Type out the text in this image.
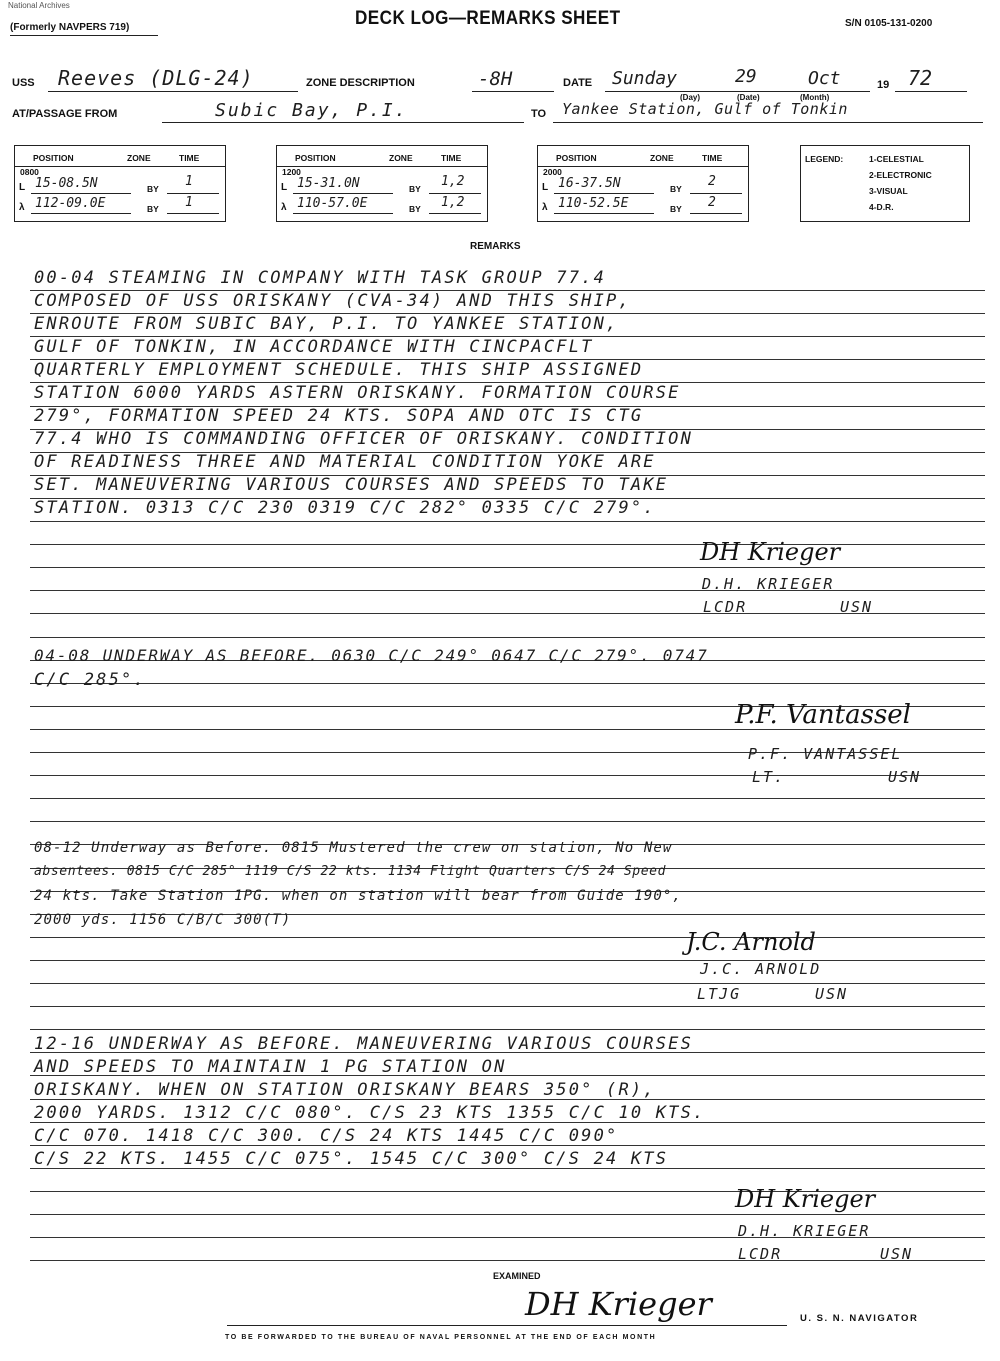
National Archives
(Formerly NAVPERS 719)	DECK LOG—REMARKS SHEET	S/N 0105-131-0200
USS Reeves (DLG-24)	ZONE DESCRIPTION	-8H	DATE Sunday	29	Oct	19 72
(Day)	(Date)	(Month)
AT/PASSAGE FROM	Subic Bay, P.I.	TO Yankee Station, Gulf of Tonkin
POSITION	ZONE	TIME
0800
L 15-08.5N	BY 1
λ 112-09.0E	BY 1
POSITION	ZONE	TIME
1200
L 15-31.0N	BY 1,2
λ 110-57.0E	BY 1,2
POSITION	ZONE	TIME
2000
L 16-37.5N	BY 2
λ 110-52.5E	BY 2
LEGEND:	1-CELESTIAL
2-ELECTRONIC
3-VISUAL
4-D.R.
REMARKS
00-04 STEAMING IN COMPANY WITH TASK GROUP 77.4
COMPOSED OF USS ORISKANY (CVA-34) AND THIS SHIP,
ENROUTE FROM SUBIC BAY, P.I. TO YANKEE STATION,
GULF OF TONKIN, IN ACCORDANCE WITH CINCPACFLT
QUARTERLY EMPLOYMENT SCHEDULE. THIS SHIP ASSIGNED
STATION 6000 YARDS ASTERN ORISKANY. FORMATION COURSE
279°, FORMATION SPEED 24 KTS. SOPA AND OTC IS CTG
77.4 WHO IS COMMANDING OFFICER OF ORISKANY. CONDITION
OF READINESS THREE AND MATERIAL CONDITION YOKE ARE
SET. MANEUVERING VARIOUS COURSES AND SPEEDS TO TAKE
STATION. 0313 C/C 230 0319 C/C 282° 0335 C/C 279°.
DH Krieger
D.H. KRIEGER
LCDR	USN
04-08 UNDERWAY AS BEFORE. 0630 C/C 249° 0647 C/C 279°. 0747
C/C 285°.
P.F. Vantassel
P.F. VANTASSEL
LT.	USN
08-12 Underway as Before. 0815 Mustered the crew on station, No New
absentees. 0815 C/C 285° 1119 C/S 22 kts. 1134 Flight Quarters C/S 24 Speed
24 kts. Take Station 1PG. when on station will bear from Guide 190°,
2000 yds. 1156 C/B/C 300(T)
J.C. Arnold
J.C. ARNOLD
LTJG	USN
12-16 UNDERWAY AS BEFORE. MANEUVERING VARIOUS COURSES
AND SPEEDS TO MAINTAIN 1 PG STATION ON
ORISKANY. WHEN ON STATION ORISKANY BEARS 350° (R),
2000 YARDS. 1312 C/C 080°. C/S 23 KTS 1355 C/C 10 KTS.
C/C 070. 1418 C/C 300. C/S 24 KTS 1445 C/C 090°
C/S 22 KTS. 1455 C/C 075°. 1545 C/C 300° C/S 24 KTS
DH Krieger
D.H. KRIEGER
LCDR	USN
EXAMINED
DH Krieger	U. S. N. NAVIGATOR
TO BE FORWARDED TO THE BUREAU OF NAVAL PERSONNEL AT THE END OF EACH MONTH
